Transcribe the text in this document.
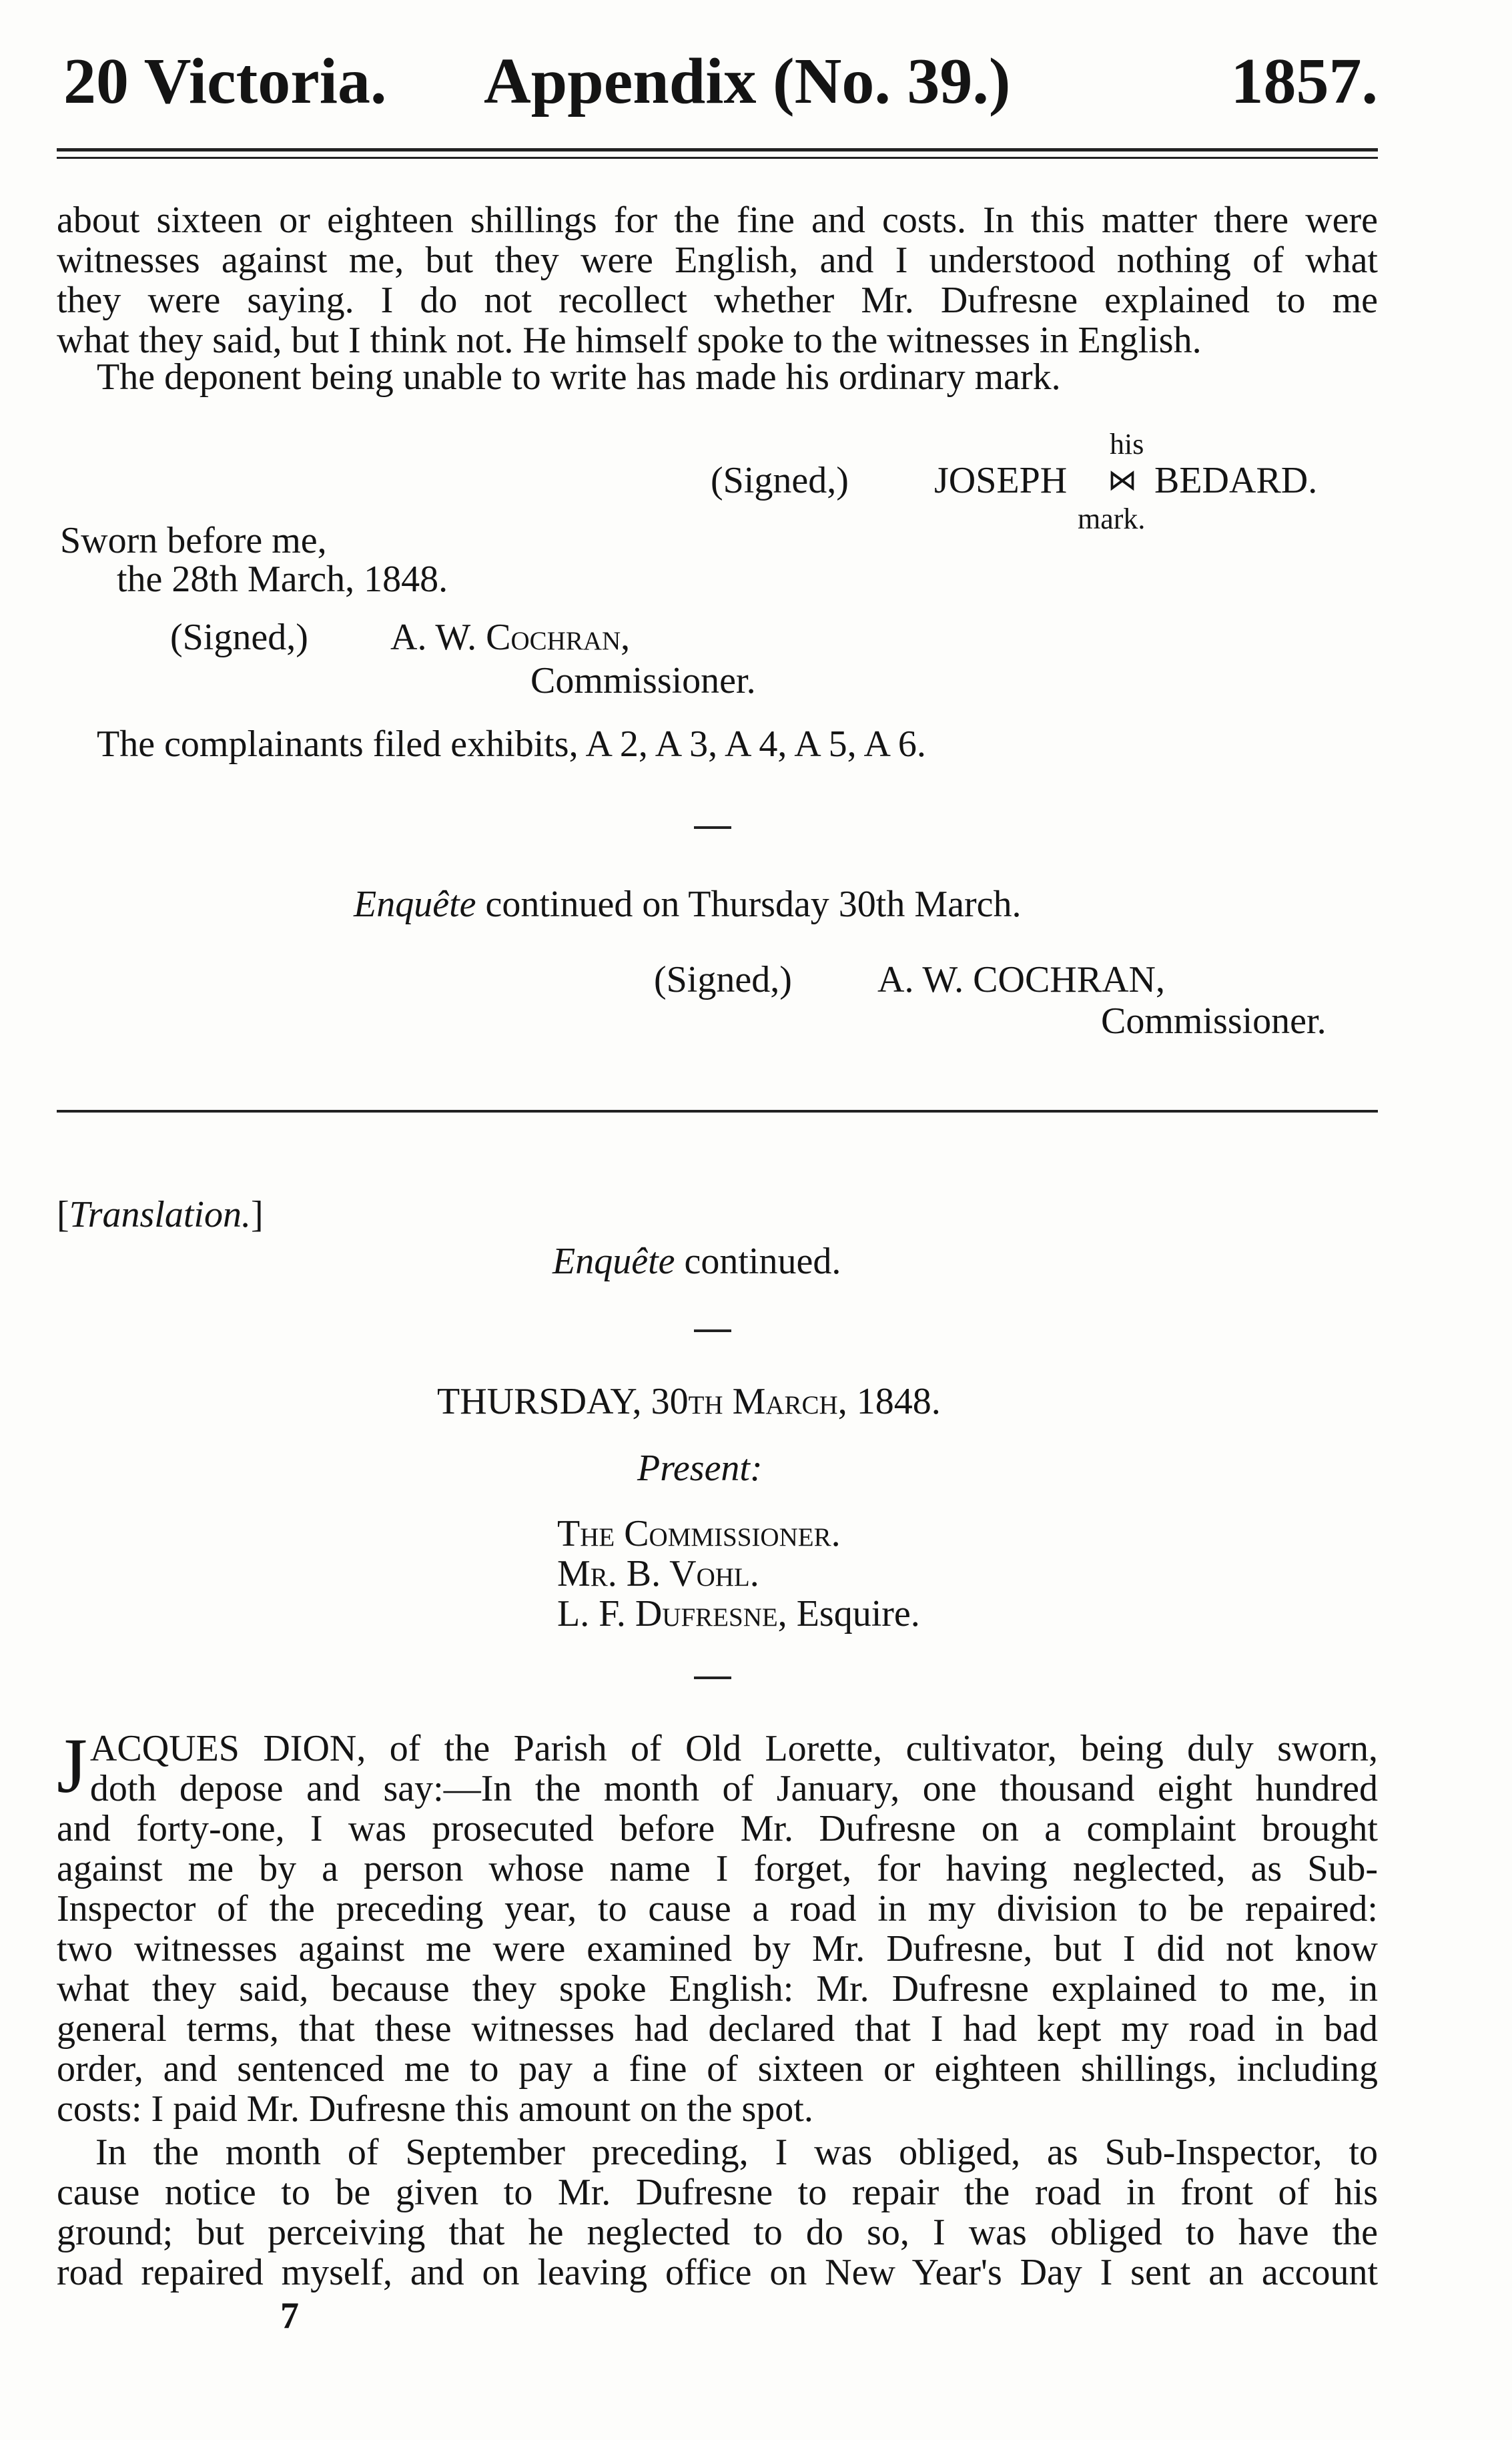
20 Victoria. Appendix (No. 39.)	1857.
about sixteen or eighteen shillings for the fine and costs. In this matter there were
witnesses against me, but they were English, and I understood nothing of what
they were saying. I do not recollect whether Mr. Dufresne explained to me
what they said, but I think not. He himself spoke to the witnesses in English.
The deponent being unable to write has made his ordinary mark.
his
(Signed,) JOSEPH ⋈ BEDARD.
mark.
Sworn before me,
the 28th March, 1848.
(Signed,) A. W. Cochran,
Commissioner.
The complainants filed exhibits, A 2, A 3, A 4, A 5, A 6.
Enquête continued on Thursday 30th March.
(Signed,) A. W. COCHRAN,
Commissioner.
[Translation.]
Enquête continued.
THURSDAY, 30th March, 1848.
Present:
The Commissioner.
Mr. B. Vohl.
L. F. Dufresne, Esquire.
J ACQUES DION, of the Parish of Old Lorette, cultivator, being duly sworn,
doth depose and say:—In the month of January, one thousand eight hundred
and forty-one, I was prosecuted before Mr. Dufresne on a complaint brought
against me by a person whose name I forget, for having neglected, as Sub-
Inspector of the preceding year, to cause a road in my division to be repaired:
two witnesses against me were examined by Mr. Dufresne, but I did not know
what they said, because they spoke English: Mr. Dufresne explained to me, in
general terms, that these witnesses had declared that I had kept my road in bad
order, and sentenced me to pay a fine of sixteen or eighteen shillings, including
costs: I paid Mr. Dufresne this amount on the spot.
In the month of September preceding, I was obliged, as Sub-Inspector, to
cause notice to be given to Mr. Dufresne to repair the road in front of his
ground; but perceiving that he neglected to do so, I was obliged to have the
road repaired myself, and on leaving office on New Year's Day I sent an account
7
